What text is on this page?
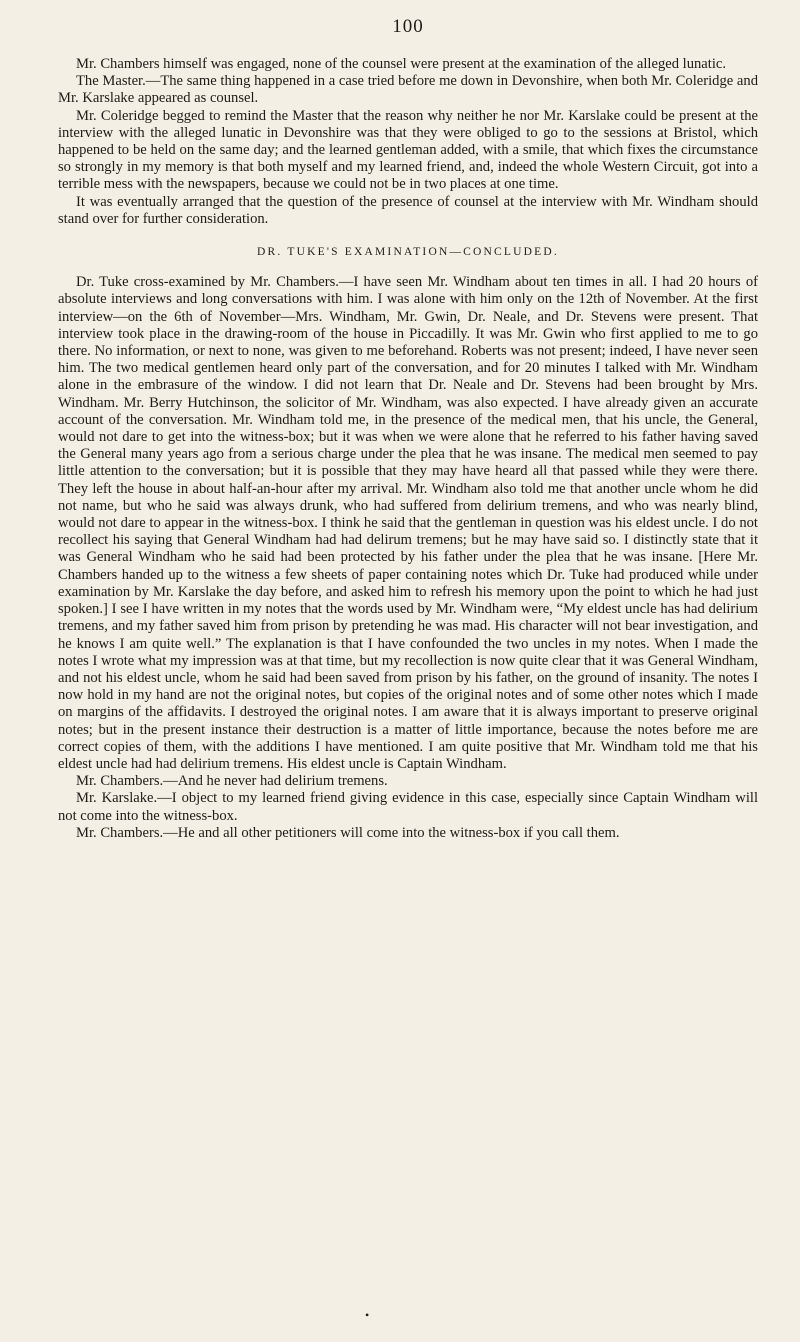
100

Mr. Chambers himself was engaged, none of the counsel were present at the examination of the alleged lunatic.

The Master.—The same thing happened in a case tried before me down in Devonshire, when both Mr. Coleridge and Mr. Karslake appeared as counsel.

Mr. Coleridge begged to remind the Master that the reason why neither he nor Mr. Karslake could be present at the interview with the alleged lunatic in Devonshire was that they were obliged to go to the sessions at Bristol, which happened to be held on the same day; and the learned gentleman added, with a smile, that which fixes the circumstance so strongly in my memory is that both myself and my learned friend, and, indeed the whole Western Circuit, got into a terrible mess with the newspapers, because we could not be in two places at one time.

It was eventually arranged that the question of the presence of counsel at the interview with Mr. Windham should stand over for further consideration.

DR. TUKE'S EXAMINATION—CONCLUDED.

Dr. Tuke cross-examined by Mr. Chambers.—I have seen Mr. Windham about ten times in all. I had 20 hours of absolute interviews and long conversations with him. I was alone with him only on the 12th of November. At the first interview—on the 6th of November—Mrs. Windham, Mr. Gwin, Dr. Neale, and Dr. Stevens were present. That interview took place in the drawing-room of the house in Piccadilly. It was Mr. Gwin who first applied to me to go there. No information, or next to none, was given to me beforehand. Roberts was not present; indeed, I have never seen him. The two medical gentlemen heard only part of the conversation, and for 20 minutes I talked with Mr. Windham alone in the embrasure of the window. I did not learn that Dr. Neale and Dr. Stevens had been brought by Mrs. Windham. Mr. Berry Hutchinson, the solicitor of Mr. Windham, was also expected. I have already given an accurate account of the conversation. Mr. Windham told me, in the presence of the medical men, that his uncle, the General, would not dare to get into the witness-box; but it was when we were alone that he referred to his father having saved the General many years ago from a serious charge under the plea that he was insane. The medical men seemed to pay little attention to the conversation; but it is possible that they may have heard all that passed while they were there. They left the house in about half-an-hour after my arrival. Mr. Windham also told me that another uncle whom he did not name, but who he said was always drunk, who had suffered from delirium tremens, and who was nearly blind, would not dare to appear in the witness-box. I think he said that the gentleman in question was his eldest uncle. I do not recollect his saying that General Windham had had delirum tremens; but he may have said so. I distinctly state that it was General Windham who he said had been protected by his father under the plea that he was insane. [Here Mr. Chambers handed up to the witness a few sheets of paper containing notes which Dr. Tuke had produced while under examination by Mr. Karslake the day before, and asked him to refresh his memory upon the point to which he had just spoken.] I see I have written in my notes that the words used by Mr. Windham were, “My eldest uncle has had delirium tremens, and my father saved him from prison by pretending he was mad. His character will not bear investigation, and he knows I am quite well.” The explanation is that I have confounded the two uncles in my notes. When I made the notes I wrote what my impression was at that time, but my recollection is now quite clear that it was General Windham, and not his eldest uncle, whom he said had been saved from prison by his father, on the ground of insanity. The notes I now hold in my hand are not the original notes, but copies of the original notes and of some other notes which I made on margins of the affidavits. I destroyed the original notes. I am aware that it is always important to preserve original notes; but in the present instance their destruction is a matter of little importance, because the notes before me are correct copies of them, with the additions I have mentioned. I am quite positive that Mr. Windham told me that his eldest uncle had had delirium tremens. His eldest uncle is Captain Windham.

Mr. Chambers.—And he never had delirium tremens.

Mr. Karslake.—I object to my learned friend giving evidence in this case, especially since Captain Windham will not come into the witness-box.

Mr. Chambers.—He and all other petitioners will come into the witness-box if you call them.

•
